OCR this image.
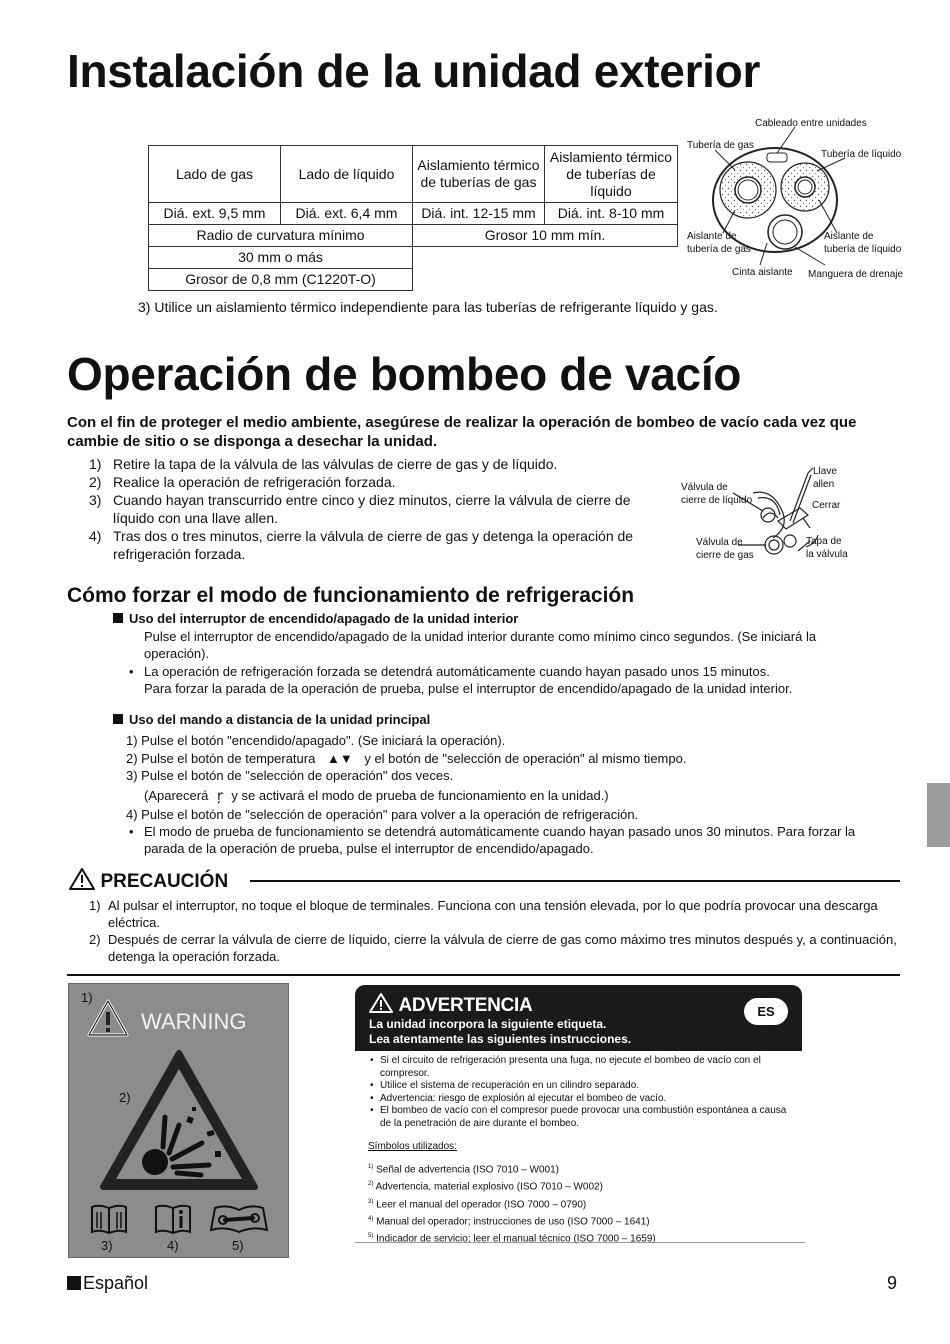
Instalación de la unidad exterior
Lado de gas	Lado de líquido	Aislamiento térmico de tuberías de gas	Aislamiento térmico de tuberías de líquido
Diá. ext. 9,5 mm	Diá. ext. 6,4 mm	Diá. int. 12-15 mm	Diá. int. 8-10 mm
Radio de curvatura mínimo		Grosor 10 mm mín.	
30 mm o más			
Grosor de 0,8 mm (C1220T-O)			
3) Utilice un aislamiento térmico independiente para las tuberías de refrigerante líquido y gas.
Cableado entre unidades
Tubería de gas
Tubería de líquido
Aislante de
tubería de gas
Aislante de
tubería de líquido
Cinta aislante Manguera de drenaje
Operación de bombeo de vacío
Con el fin de proteger el medio ambiente, asegúrese de realizar la operación de bombeo de vacío cada vez que cambie de sitio o se disponga a desechar la unidad.
1) Retire la tapa de la válvula de las válvulas de cierre de gas y de líquido.
2) Realice la operación de refrigeración forzada.
3) Cuando hayan transcurrido entre cinco y diez minutos, cierre la válvula de cierre de líquido con una llave allen.
4) Tras dos o tres minutos, cierre la válvula de cierre de gas y detenga la operación de refrigeración forzada.
Válvula de
cierre de líquido
Llave
allen
Cerrar
Válvula de
cierre de gas
Tapa de
la válvula
Cómo forzar el modo de funcionamiento de refrigeración
Uso del interruptor de encendido/apagado de la unidad interior
Pulse el interruptor de encendido/apagado de la unidad interior durante como mínimo cinco segundos. (Se iniciará la operación).
• La operación de refrigeración forzada se detendrá automáticamente cuando hayan pasado unos 15 minutos.
Para forzar la parada de la operación de prueba, pulse el interruptor de encendido/apagado de la unidad interior.
Uso del mando a distancia de la unidad principal
1) Pulse el botón "encendido/apagado". (Se iniciará la operación).
2) Pulse el botón de temperatura ▲▼ y el botón de "selección de operación" al mismo tiempo.
3) Pulse el botón de "selección de operación" dos veces.
(Aparecerá ŗ y se activará el modo de prueba de funcionamiento en la unidad.)
4) Pulse el botón de "selección de operación" para volver a la operación de refrigeración.
• El modo de prueba de funcionamiento se detendrá automáticamente cuando hayan pasado unos 30 minutos. Para forzar la parada de la operación de prueba, pulse el interruptor de encendido/apagado.
PRECAUCIÓN
1) Al pulsar el interruptor, no toque el bloque de terminales. Funciona con una tensión elevada, por lo que podría provocar una descarga eléctrica.
2) Después de cerrar la válvula de cierre de líquido, cierre la válvula de cierre de gas como máximo tres minutos después y, a continuación, detenga la operación forzada.
1)
WARNING
2)
3)	4)	5)
ADVERTENCIA	ES
La unidad incorpora la siguiente etiqueta.
Lea atentamente las siguientes instrucciones.
• Si el circuito de refrigeración presenta una fuga, no ejecute el bombeo de vacío con el compresor.
• Utilice el sistema de recuperación en un cilindro separado.
• Advertencia: riesgo de explosión al ejecutar el bombeo de vacío.
• El bombeo de vacío con el compresor puede provocar una combustión espontánea a causa de la penetración de aire durante el bombeo.
Símbolos utilizados:
$^{1)}$ Señal de advertencia (ISO 7010 – W001)
$^{2)}$ Advertencia, material explosivo (ISO 7010 – W002)
$^{3)}$ Leer el manual del operador (ISO 7000 – 0790)
$^{4)}$ Manual del operador; instrucciones de uso (ISO 7000 – 1641)
$^{5)}$ Indicador de servicio; leer el manual técnico (ISO 7000 – 1659)
Español	9
